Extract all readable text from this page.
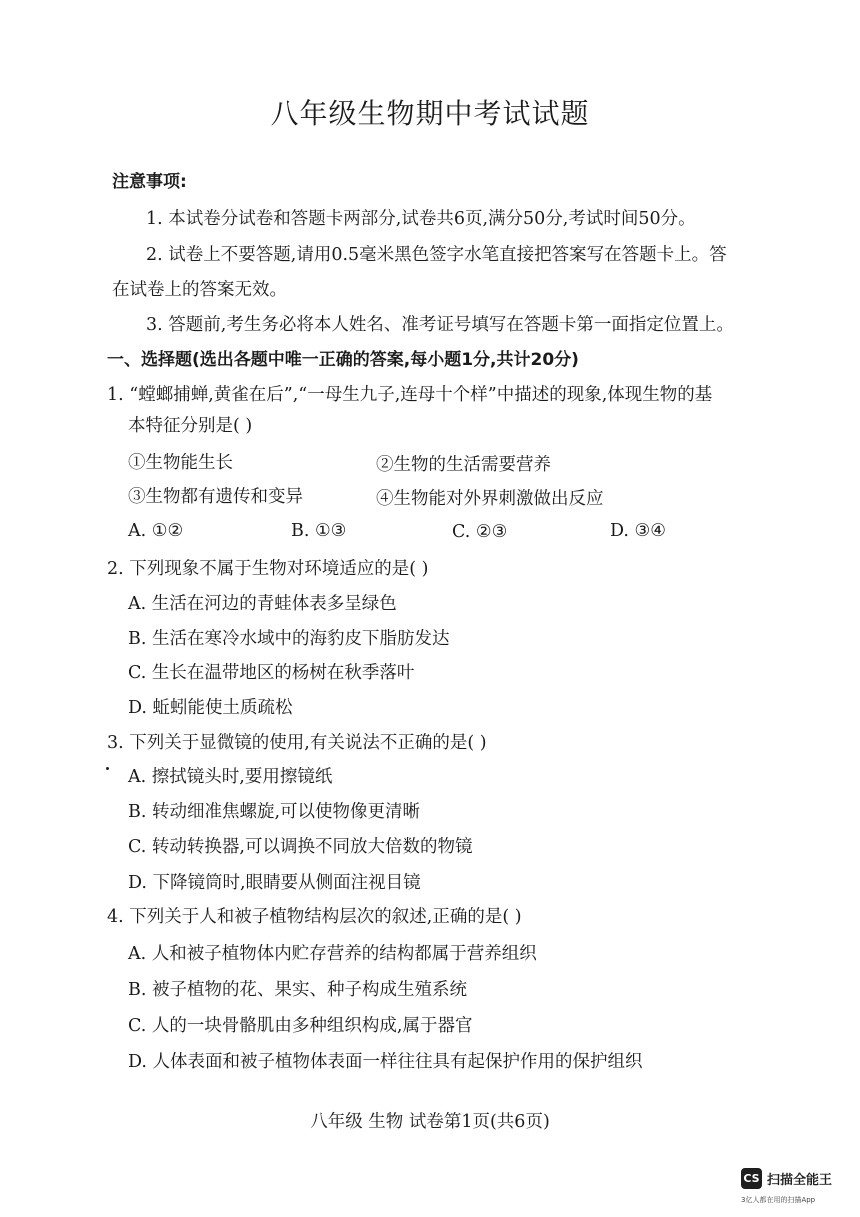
八年级生物期中考试试题
注意事项:
1. 本试卷分试卷和答题卡两部分,试卷共6页,满分50分,考试时间50分。
2. 试卷上不要答题,请用0.5毫米黑色签字水笔直接把答案写在答题卡上。答
在试卷上的答案无效。
3. 答题前,考生务必将本人姓名、准考证号填写在答题卡第一面指定位置上。
一、选择题(选出各题中唯一正确的答案,每小题1分,共计20分)
1. “螳螂捕蝉,黄雀在后”,“一母生九子,连母十个样”中描述的现象,体现生物的基
本特征分别是( )
①生物能生长	②生物的生活需要营养
③生物都有遗传和变异	④生物能对外界刺激做出反应
A. ①②	B. ①③	C. ②③	D. ③④
2. 下列现象不属于生物对环境适应的是( )
A. 生活在河边的青蛙体表多呈绿色
B. 生活在寒冷水域中的海豹皮下脂肪发达
C. 生长在温带地区的杨树在秋季落叶
D. 蚯蚓能使土质疏松
3. 下列关于显微镜的使用,有关说法不正确的是( )
A. 擦拭镜头时,要用擦镜纸
B. 转动细准焦螺旋,可以使物像更清晰
C. 转动转换器,可以调换不同放大倍数的物镜
D. 下降镜筒时,眼睛要从侧面注视目镜
4. 下列关于人和被子植物结构层次的叙述,正确的是( )
A. 人和被子植物体内贮存营养的结构都属于营养组织
B. 被子植物的花、果实、种子构成生殖系统
C. 人的一块骨骼肌由多种组织构成,属于器官
D. 人体表面和被子植物体表面一样往往具有起保护作用的保护组织
八年级 生物 试卷第1页(共6页)
CS 扫描全能王
3亿人都在用的扫描App
